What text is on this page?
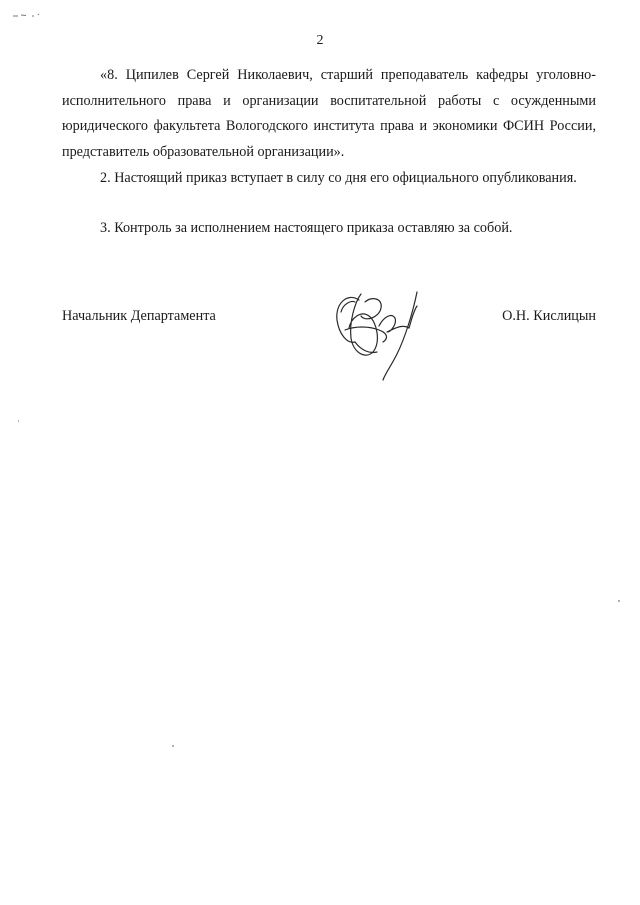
2

«8. Ципилев Сергей Николаевич, старший преподаватель кафедры уголовно-исполнительного права и организации воспитательной работы с осужденными юридического факультета Вологодского института права и экономики ФСИН России, представитель образовательной организации».

2. Настоящий приказ вступает в силу со дня его официального опубликования.

3. Контроль за исполнением настоящего приказа оставляю за собой.

Начальник Департамента	О.Н. Кислицын
